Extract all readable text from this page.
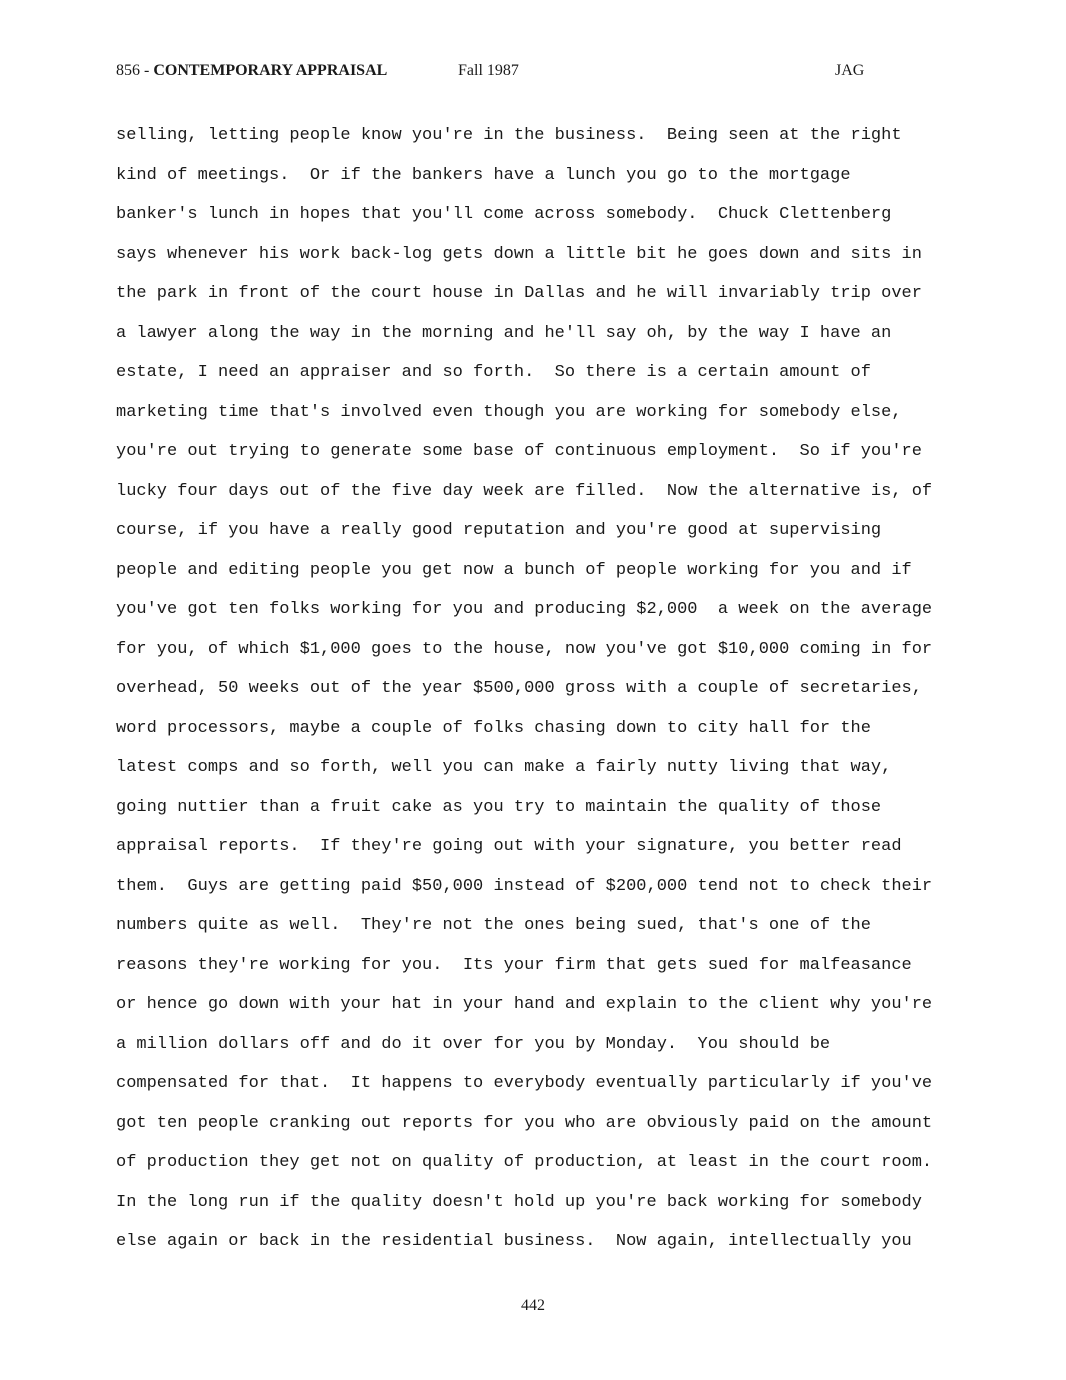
856 - CONTEMPORARY APPRAISAL	Fall 1987	JAG
selling, letting people know you're in the business.  Being seen at the right
kind of meetings.  Or if the bankers have a lunch you go to the mortgage
banker's lunch in hopes that you'll come across somebody.  Chuck Clettenberg
says whenever his work back-log gets down a little bit he goes down and sits in
the park in front of the court house in Dallas and he will invariably trip over
a lawyer along the way in the morning and he'll say oh, by the way I have an
estate, I need an appraiser and so forth.  So there is a certain amount of
marketing time that's involved even though you are working for somebody else,
you're out trying to generate some base of continuous employment.  So if you're
lucky four days out of the five day week are filled.  Now the alternative is, of
course, if you have a really good reputation and you're good at supervising
people and editing people you get now a bunch of people working for you and if
you've got ten folks working for you and producing $2,000  a week on the average
for you, of which $1,000 goes to the house, now you've got $10,000 coming in for
overhead, 50 weeks out of the year $500,000 gross with a couple of secretaries,
word processors, maybe a couple of folks chasing down to city hall for the
latest comps and so forth, well you can make a fairly nutty living that way,
going nuttier than a fruit cake as you try to maintain the quality of those
appraisal reports.  If they're going out with your signature, you better read
them.  Guys are getting paid $50,000 instead of $200,000 tend not to check their
numbers quite as well.  They're not the ones being sued, that's one of the
reasons they're working for you.  Its your firm that gets sued for malfeasance
or hence go down with your hat in your hand and explain to the client why you're
a million dollars off and do it over for you by Monday.  You should be
compensated for that.  It happens to everybody eventually particularly if you've
got ten people cranking out reports for you who are obviously paid on the amount
of production they get not on quality of production, at least in the court room.
In the long run if the quality doesn't hold up you're back working for somebody
else again or back in the residential business.  Now again, intellectually you
442
